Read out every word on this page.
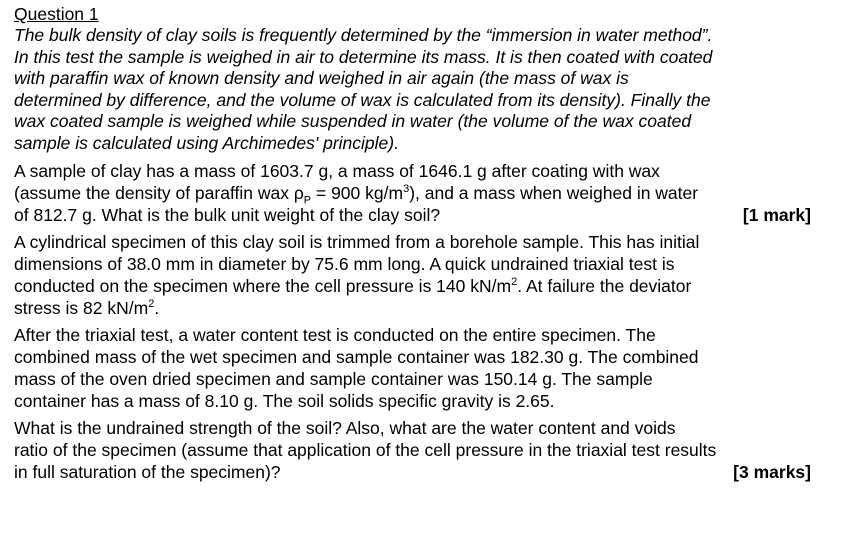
Question 1

The bulk density of clay soils is frequently determined by the “immersion in water method”.
In this test the sample is weighed in air to determine its mass. It is then coated with coated
with paraffin wax of known density and weighed in air again (the mass of wax is
determined by difference, and the volume of wax is calculated from its density). Finally the
wax coated sample is weighed while suspended in water (the volume of the wax coated
sample is calculated using Archimedes' principle).

A sample of clay has a mass of 1603.7 g, a mass of 1646.1 g after coating with wax
(assume the density of paraffin wax $\rho_P = 900$ $kg/m^3$), and a mass when weighed in water
of 812.7 g. What is the bulk unit weight of the clay soil?	[1 mark]

A cylindrical specimen of this clay soil is trimmed from a borehole sample. This has initial
dimensions of 38.0 mm in diameter by 75.6 mm long. A quick undrained triaxial test is
conducted on the specimen where the cell pressure is 140 $kN/m^2$. At failure the deviator
stress is 82 $kN/m^2$.

After the triaxial test, a water content test is conducted on the entire specimen. The
combined mass of the wet specimen and sample container was 182.30 g. The combined
mass of the oven dried specimen and sample container was 150.14 g. The sample
container has a mass of 8.10 g. The soil solids specific gravity is 2.65.

What is the undrained strength of the soil? Also, what are the water content and voids
ratio of the specimen (assume that application of the cell pressure in the triaxial test results
in full saturation of the specimen)?	[3 marks]
